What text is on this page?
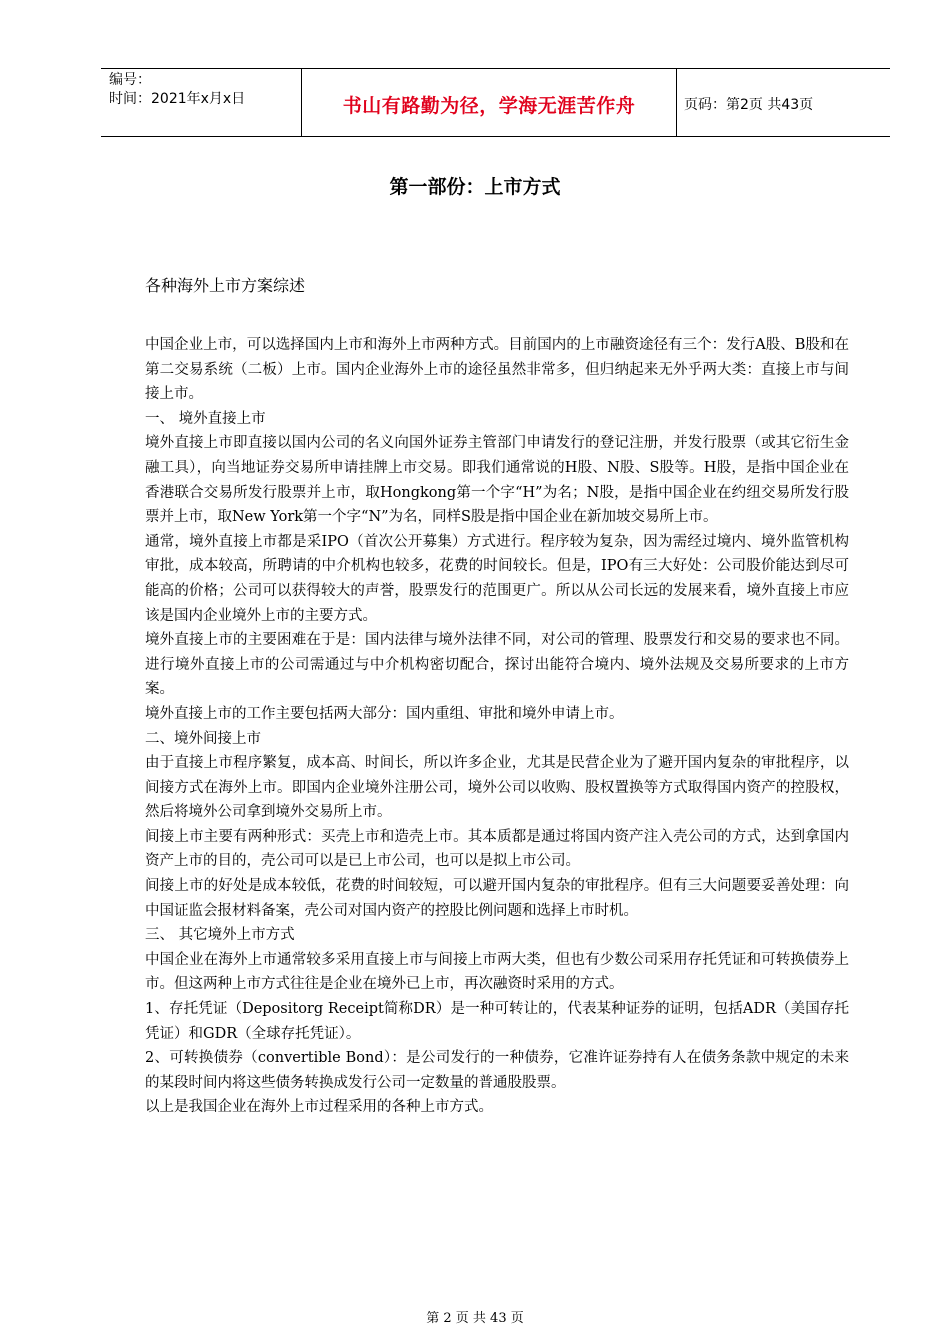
编号：
时间：2021年x月x日	书山有路勤为径，学海无涯苦作舟	页码：第2页 共43页
第一部份：上市方式
各种海外上市方案综述

中国企业上市，可以选择国内上市和海外上市两种方式。目前国内的上市融资途径有三个：发行A股、B股和在第二交易系统（二板）上市。国内企业海外上市的途径虽然非常多，但归纳起来无外乎两大类：直接上市与间接上市。

一、 境外直接上市

境外直接上市即直接以国内公司的名义向国外证券主管部门申请发行的登记注册，并发行股票（或其它衍生金融工具），向当地证券交易所申请挂牌上市交易。即我们通常说的H股、N股、S股等。H股，是指中国企业在香港联合交易所发行股票并上市，取Hongkong第一个字“H”为名；N股，是指中国企业在约纽交易所发行股票并上市，取New York第一个字“N”为名，同样S股是指中国企业在新加坡交易所上市。

通常，境外直接上市都是采IPO（首次公开募集）方式进行。程序较为复杂，因为需经过境内、境外监管机构审批，成本较高，所聘请的中介机构也较多，花费的时间较长。但是，IPO有三大好处：公司股价能达到尽可能高的价格；公司可以获得较大的声誉，股票发行的范围更广。所以从公司长远的发展来看，境外直接上市应该是国内企业境外上市的主要方式。

境外直接上市的主要困难在于是：国内法律与境外法律不同，对公司的管理、股票发行和交易的要求也不同。进行境外直接上市的公司需通过与中介机构密切配合，探讨出能符合境内、境外法规及交易所要求的上市方案。

境外直接上市的工作主要包括两大部分：国内重组、审批和境外申请上市。

二、境外间接上市

由于直接上市程序繁复，成本高、时间长，所以许多企业，尤其是民营企业为了避开国内复杂的审批程序，以间接方式在海外上市。即国内企业境外注册公司，境外公司以收购、股权置换等方式取得国内资产的控股权，然后将境外公司拿到境外交易所上市。

间接上市主要有两种形式：买壳上市和造壳上市。其本质都是通过将国内资产注入壳公司的方式，达到拿国内资产上市的目的，壳公司可以是已上市公司，也可以是拟上市公司。

间接上市的好处是成本较低，花费的时间较短，可以避开国内复杂的审批程序。但有三大问题要妥善处理：向中国证监会报材料备案，壳公司对国内资产的控股比例问题和选择上市时机。

三、 其它境外上市方式

中国企业在海外上市通常较多采用直接上市与间接上市两大类，但也有少数公司采用存托凭证和可转换债券上市。但这两种上市方式往往是企业在境外已上市，再次融资时采用的方式。

1、存托凭证（Depositorg Receipt简称DR）是一种可转让的，代表某种证券的证明，包括ADR（美国存托凭证）和GDR（全球存托凭证）。

2、可转换债券（convertible Bond）：是公司发行的一种债券，它准许证券持有人在债务条款中规定的未来的某段时间内将这些债务转换成发行公司一定数量的普通股股票。

以上是我国企业在海外上市过程采用的各种上市方式。

第 2 页 共 43 页
